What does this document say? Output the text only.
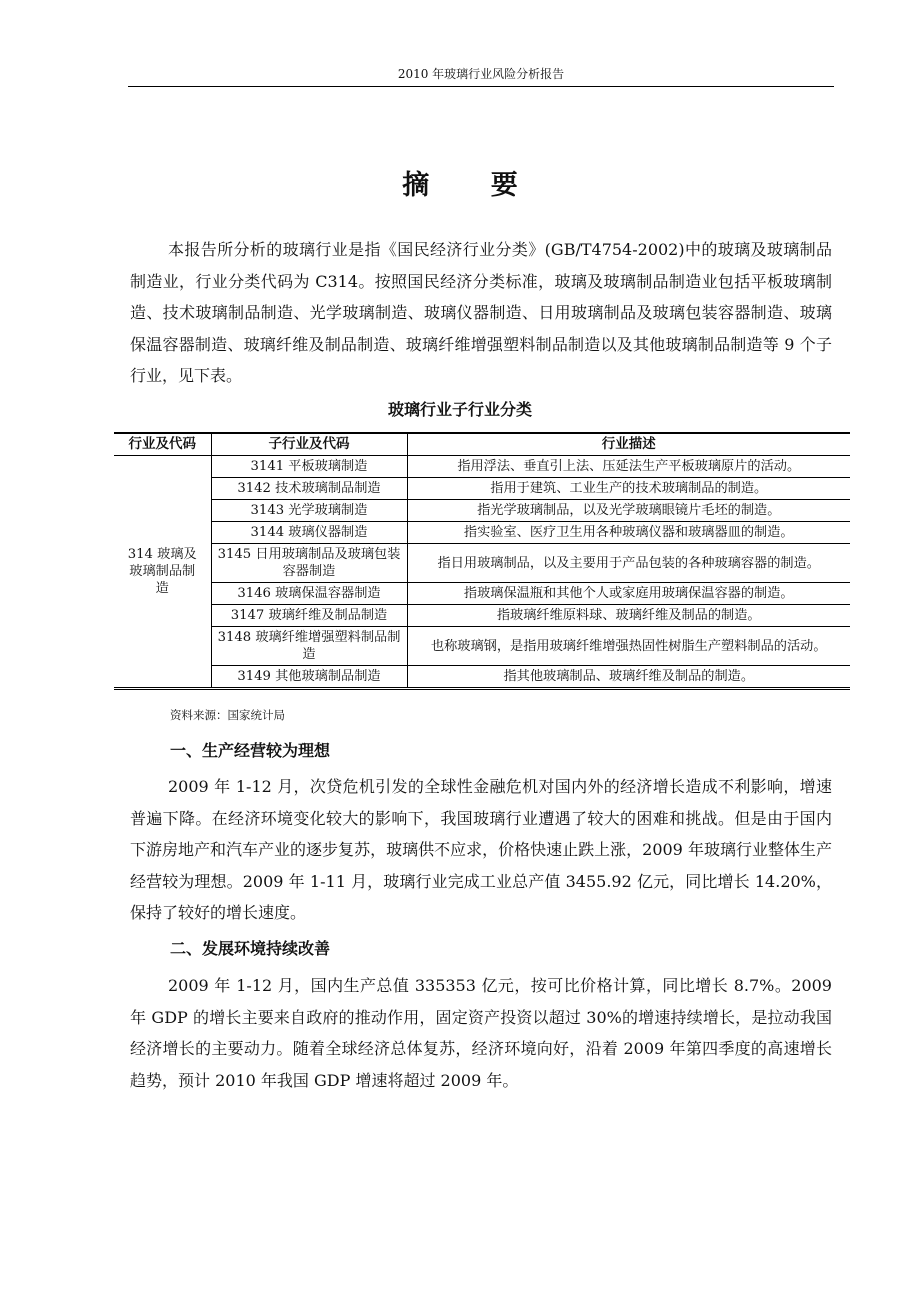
2010 年玻璃行业风险分析报告
摘 要

本报告所分析的玻璃行业是指《国民经济行业分类》(GB/T4754-2002)中的玻璃及玻璃制品制造业，行业分类代码为 C314。按照国民经济分类标准，玻璃及玻璃制品制造业包括平板玻璃制造、技术玻璃制品制造、光学玻璃制造、玻璃仪器制造、日用玻璃制品及玻璃包装容器制造、玻璃保温容器制造、玻璃纤维及制品制造、玻璃纤维增强塑料制品制造以及其他玻璃制品制造等 9 个子行业，见下表。

玻璃行业子行业分类
行业及代码	子行业及代码	行业描述
314 玻璃及玻璃制品制造	3141 平板玻璃制造	指用浮法、垂直引上法、压延法生产平板玻璃原片的活动。
	3142 技术玻璃制品制造	指用于建筑、工业生产的技术玻璃制品的制造。
	3143 光学玻璃制造	指光学玻璃制品，以及光学玻璃眼镜片毛坯的制造。
	3144 玻璃仪器制造	指实验室、医疗卫生用各种玻璃仪器和玻璃器皿的制造。
	3145 日用玻璃制品及玻璃包装容器制造	指日用玻璃制品，以及主要用于产品包装的各种玻璃容器的制造。
	3146 玻璃保温容器制造	指玻璃保温瓶和其他个人或家庭用玻璃保温容器的制造。
	3147 玻璃纤维及制品制造	指玻璃纤维原料球、玻璃纤维及制品的制造。
	3148 玻璃纤维增强塑料制品制造	也称玻璃钢，是指用玻璃纤维增强热固性树脂生产塑料制品的活动。
	3149 其他玻璃制品制造	指其他玻璃制品、玻璃纤维及制品的制造。
资料来源：国家统计局
一、生产经营较为理想

2009 年 1-12 月，次贷危机引发的全球性金融危机对国内外的经济增长造成不利影响，增速普遍下降。在经济环境变化较大的影响下，我国玻璃行业遭遇了较大的困难和挑战。但是由于国内下游房地产和汽车产业的逐步复苏，玻璃供不应求，价格快速止跌上涨，2009 年玻璃行业整体生产经营较为理想。2009 年 1-11 月，玻璃行业完成工业总产值 3455.92 亿元，同比增长 14.20%，保持了较好的增长速度。

二、发展环境持续改善

2009 年 1-12 月，国内生产总值 335353 亿元，按可比价格计算，同比增长 8.7%。2009 年 GDP 的增长主要来自政府的推动作用，固定资产投资以超过 30%的增速持续增长，是拉动我国经济增长的主要动力。随着全球经济总体复苏，经济环境向好，沿着 2009 年第四季度的高速增长趋势，预计 2010 年我国 GDP 增速将超过 2009 年。
